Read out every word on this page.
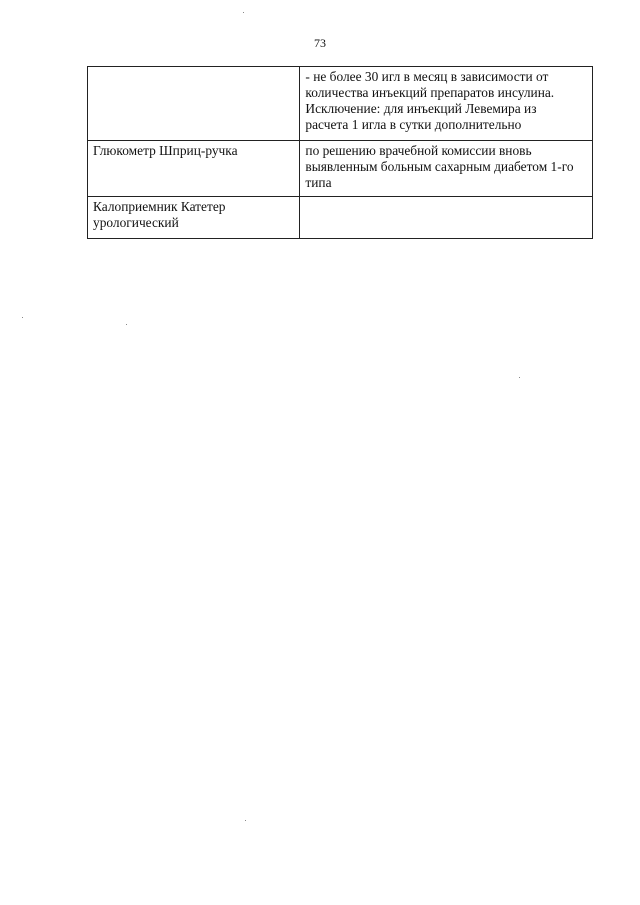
73

	- не более 30 игл в месяц в зависимости от
количества инъекций препаратов инсулина.
Исключение: для инъекций Левемира из
расчета 1 игла в сутки дополнительно

Глюкометр Шприц-ручка	по решению врачебной комиссии вновь
выявленным больным сахарным диабетом 1-го
типа

Калоприемник Катетер
урологический	
